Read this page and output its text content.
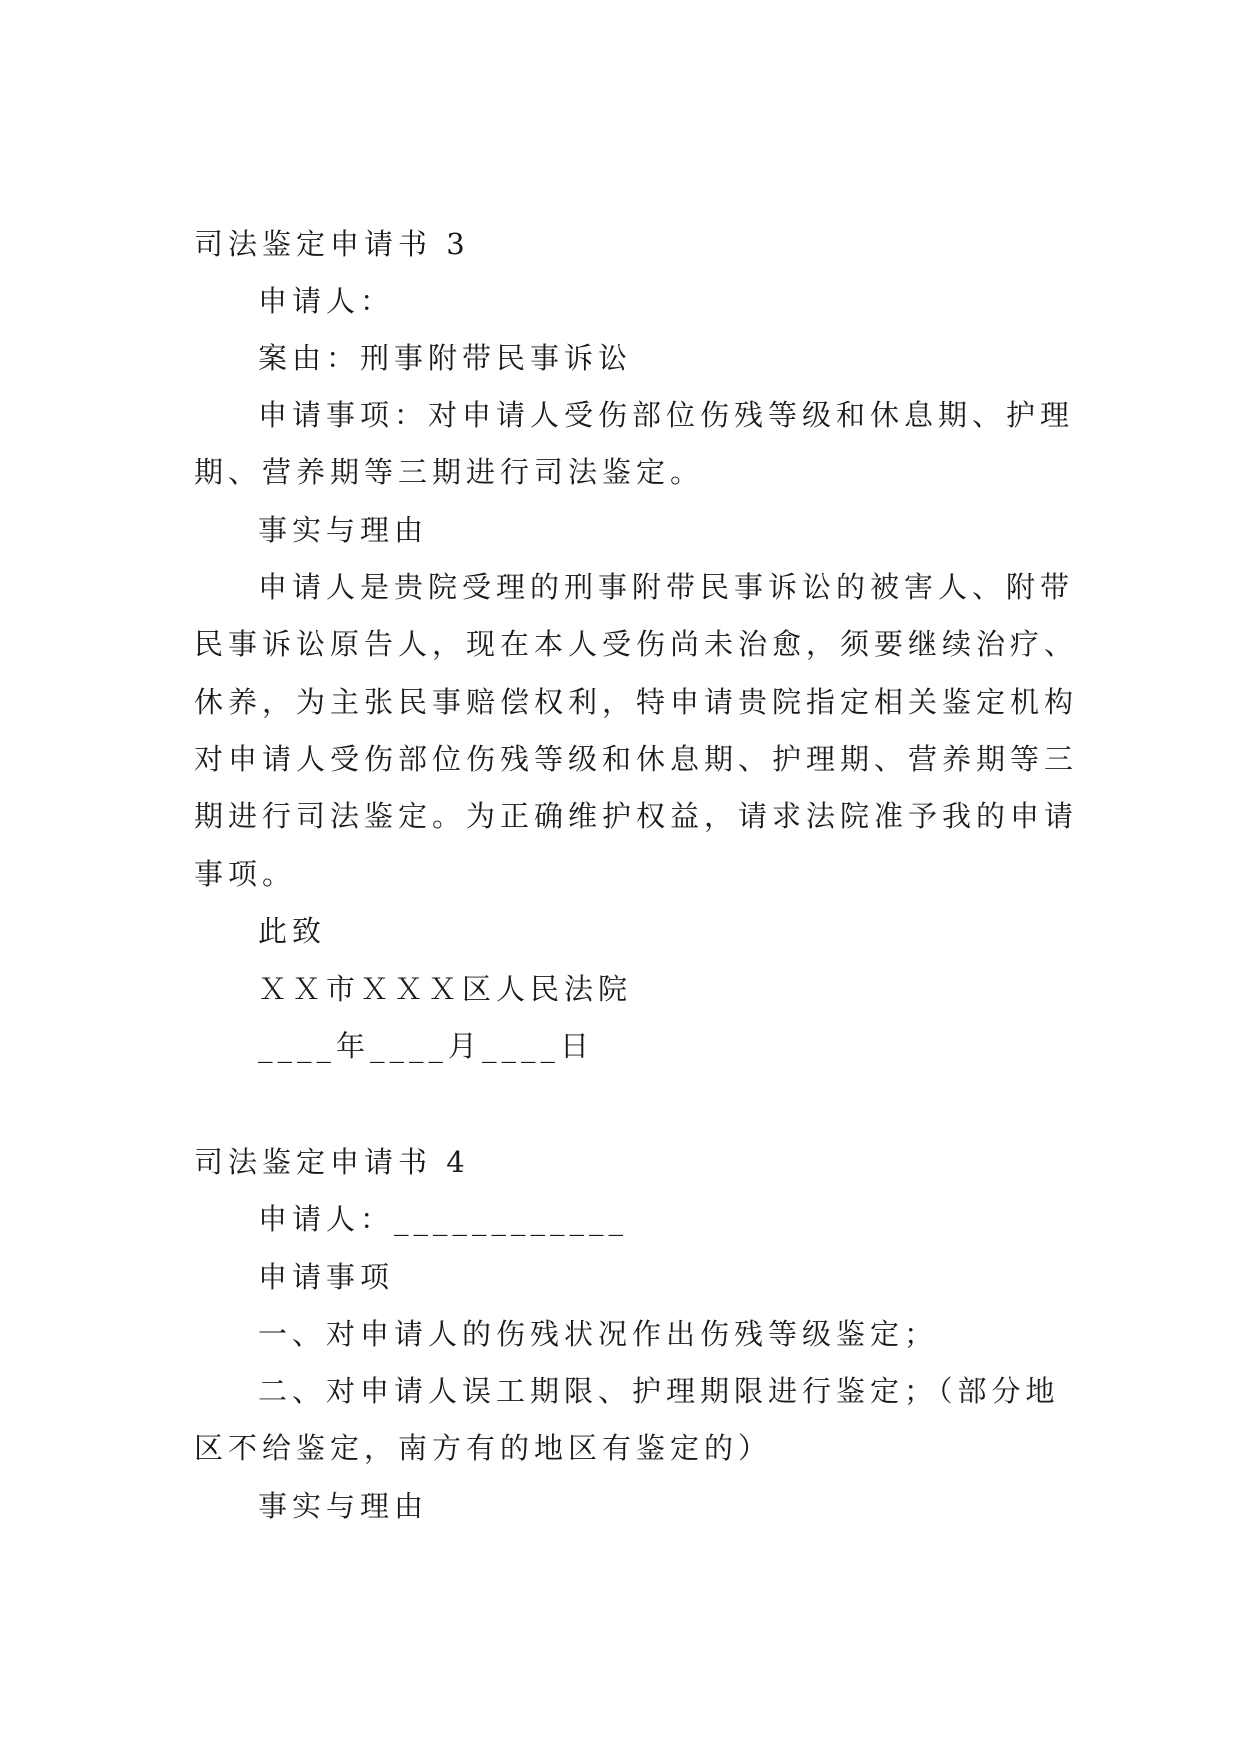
司法鉴定申请书 3
申请人：
案由：刑事附带民事诉讼
申请事项：对申请人受伤部位伤残等级和休息期、护理
期、营养期等三期进行司法鉴定。
事实与理由
申请人是贵院受理的刑事附带民事诉讼的被害人、附带
民事诉讼原告人，现在本人受伤尚未治愈，须要继续治疗、
休养，为主张民事赔偿权利，特申请贵院指定相关鉴定机构
对申请人受伤部位伤残等级和休息期、护理期、营养期等三
期进行司法鉴定。为正确维护权益，请求法院准予我的申请
事项。
此致
ＸＸ市ＸＸＸ区人民法院
____年____月____日
司法鉴定申请书 4
申请人：____________
申请事项
一、对申请人的伤残状况作出伤残等级鉴定；
二、对申请人误工期限、护理期限进行鉴定；（部分地
区不给鉴定，南方有的地区有鉴定的）
事实与理由
